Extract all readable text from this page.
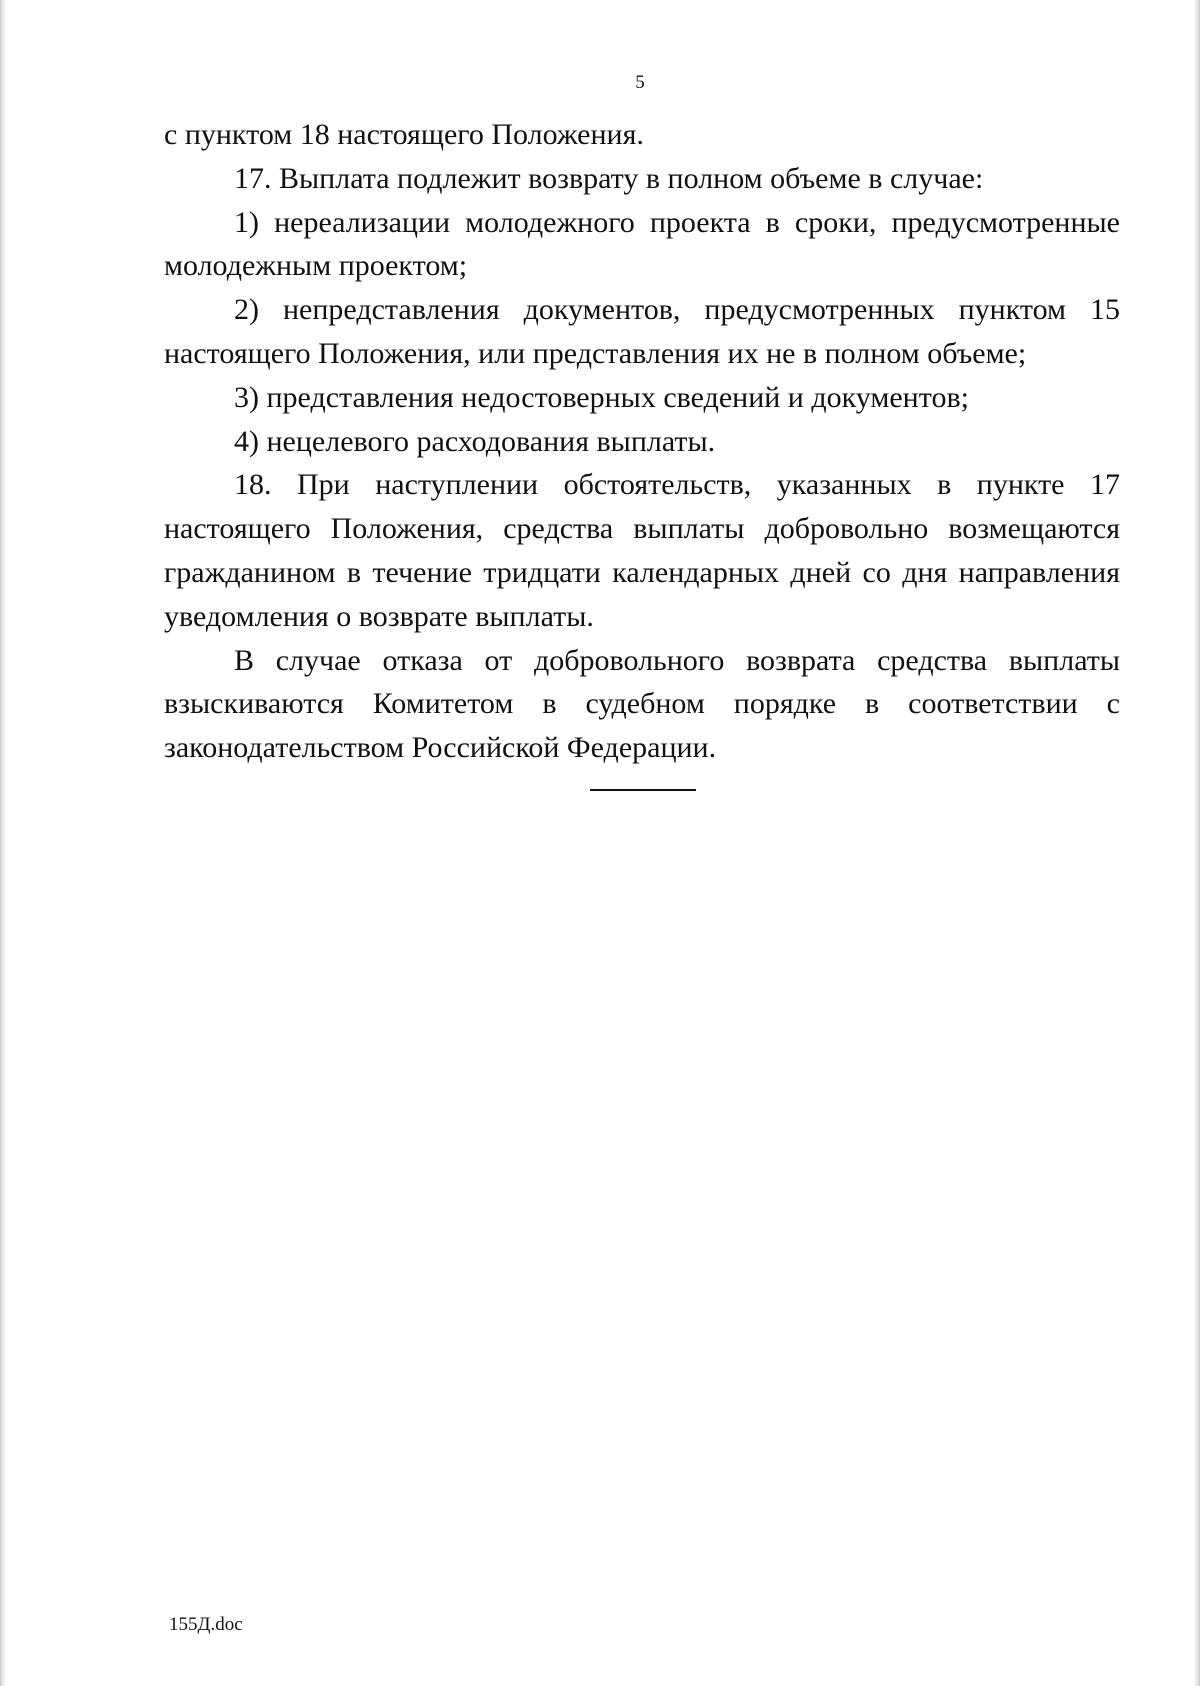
5

с пунктом 18 настоящего Положения.

17. Выплата подлежит возврату в полном объеме в случае:

1) нереализации молодежного проекта в сроки, предусмотренные молодежным проектом;

2) непредставления документов, предусмотренных пунктом 15 настоящего Положения, или представления их не в полном объеме;

3) представления недостоверных сведений и документов;

4) нецелевого расходования выплаты.

18. При наступлении обстоятельств, указанных в пункте 17 настоящего Положения, средства выплаты добровольно возмещаются гражданином в течение тридцати календарных дней со дня направления уведомления о возврате выплаты.

В случае отказа от добровольного возврата средства выплаты взыскиваются Комитетом в судебном порядке в соответствии с законодательством Российской Федерации.

155Д.doc
